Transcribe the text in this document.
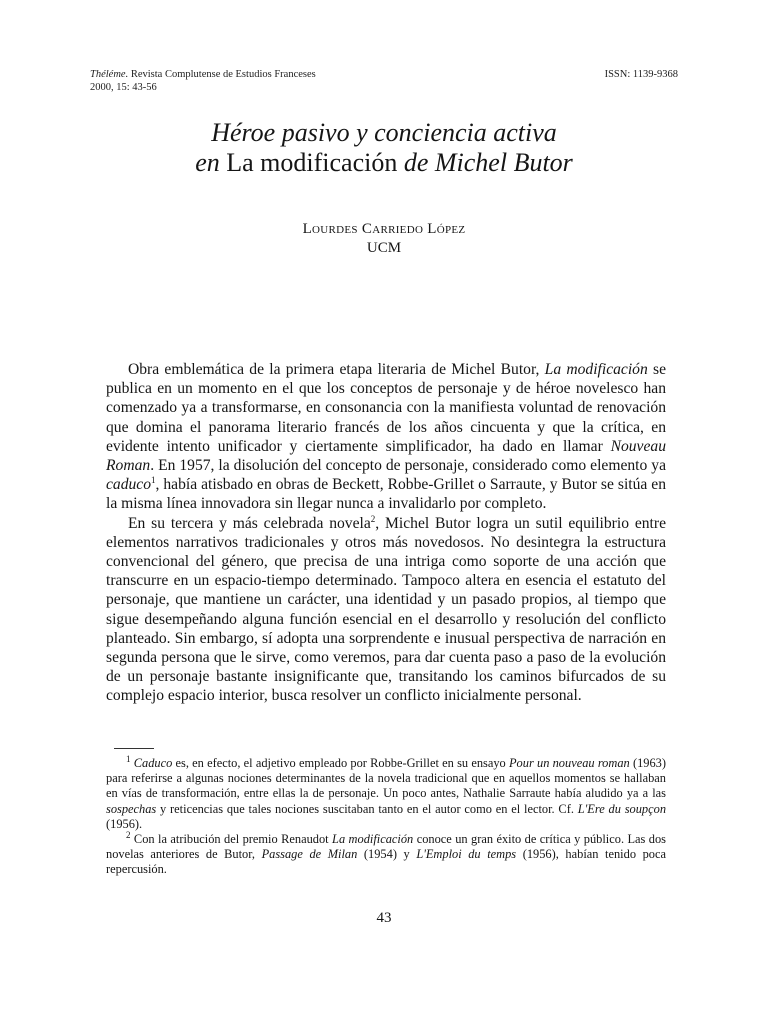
Théléme. Revista Complutense de Estudios Franceses
2000, 15: 43-56
ISSN: 1139-9368
Héroe pasivo y conciencia activa
en La modificación de Michel Butor
Lourdes Carriedo López
UCM

Obra emblemática de la primera etapa literaria de Michel Butor, La modificación se publica en un momento en el que los conceptos de personaje y de héroe novelesco han comenzado ya a transformarse, en consonancia con la manifiesta voluntad de renovación que domina el panorama literario francés de los años cincuenta y que la crítica, en evidente intento unificador y ciertamente simplificador, ha dado en llamar Nouveau Roman. En 1957, la disolución del concepto de personaje, considerado como elemento ya caduco$^1$, había atisbado en obras de Beckett, Robbe-Grillet o Sarraute, y Butor se sitúa en la misma línea innovadora sin llegar nunca a invalidarlo por completo.

En su tercera y más celebrada novela$^2$, Michel Butor logra un sutil equilibrio entre elementos narrativos tradicionales y otros más novedosos. No desintegra la estructura convencional del género, que precisa de una intriga como soporte de una acción que transcurre en un espacio-tiempo determinado. Tampoco altera en esencia el estatuto del personaje, que mantiene un carácter, una identidad y un pasado propios, al tiempo que sigue desempeñando alguna función esencial en el desarrollo y resolución del conflicto planteado. Sin embargo, sí adopta una sorprendente e inusual perspectiva de narración en segunda persona que le sirve, como veremos, para dar cuenta paso a paso de la evolución de un personaje bastante insignificante que, transitando los caminos bifurcados de su complejo espacio interior, busca resolver un conflicto inicialmente personal.

$^1$ Caduco es, en efecto, el adjetivo empleado por Robbe-Grillet en su ensayo Pour un nouveau roman (1963) para referirse a algunas nociones determinantes de la novela tradicional que en aquellos momentos se hallaban en vías de transformación, entre ellas la de personaje. Un poco antes, Nathalie Sarraute había aludido ya a las sospechas y reticencias que tales nociones suscitaban tanto en el autor como en el lector. Cf. L'Ere du soupçon (1956).

$^2$ Con la atribución del premio Renaudot La modificación conoce un gran éxito de crítica y público. Las dos novelas anteriores de Butor, Passage de Milan (1954) y L'Emploi du temps (1956), habían tenido poca repercusión.

43
